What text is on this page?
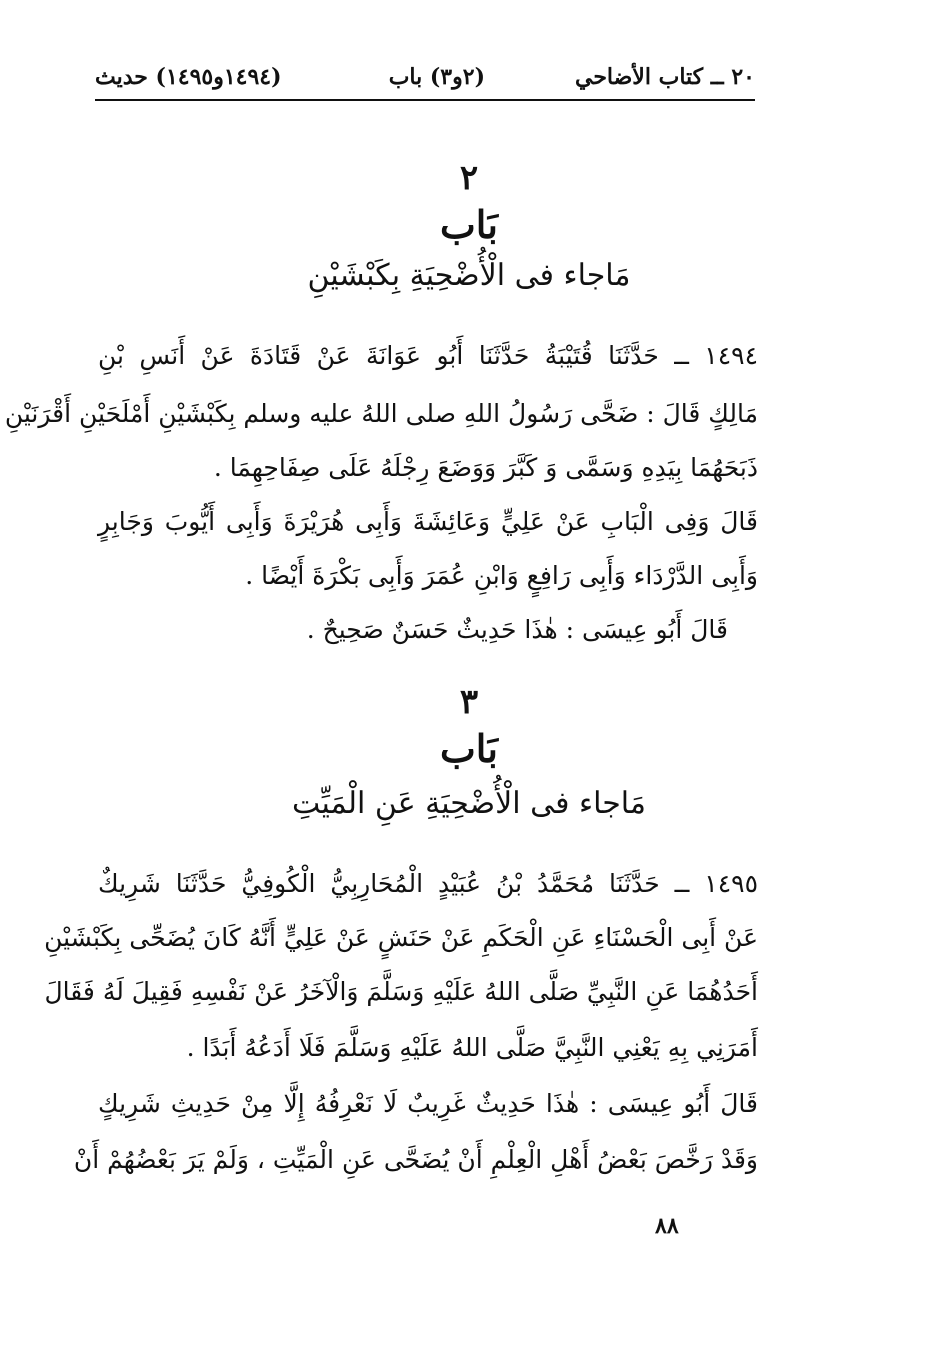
٢٠ ــ كتاب الأضاحي
(٢و٣) باب
(١٤٩٤و١٤٩٥) حديث
٢
بَاب
مَاجاء فى الْأُضْحِيَةِ بِكَبْشَيْنِ
١٤٩٤ ــ حَدَّثَنَا قُتَيْبَةُ حَدَّثَنَا أَبُو عَوَانَةَ عَنْ قَتَادَةَ عَنْ أَنَسِ بْنِ
مَالِكٍ قَالَ : ضَحَّى رَسُولُ اللهِ صلى اللهُ عليه وسلم بِكَبْشَيْنِ أَمْلَحَيْنِ أَقْرَنَيْنِ
ذَبَحَهُمَا بِيَدِهِ وَسَمَّى وَ كَبَّرَ وَوَضَعَ رِجْلَهُ عَلَى صِفَاحِهِمَا .
قَالَ وَفِى الْبَابِ عَنْ عَلِيٍّ وَعَائِشَةَ وَأَبِى هُرَيْرَةَ وَأَبِى أَيُّوبَ وَجَابِرٍ
وَأَبِى الدَّرْدَاء وَأَبِى رَافِعٍ وَابْنِ عُمَرَ وَأَبِى بَكْرَةَ أَيْضًا .
قَالَ أَبُو عِيسَى : هٰذَا حَدِيثٌ حَسَنٌ صَحِيحٌ .
٣
بَاب
مَاجاء فى الْأُضْحِيَةِ عَنِ الْمَيِّتِ
١٤٩٥ ــ حَدَّثَنَا مُحَمَّدُ بْنُ عُبَيْدٍ الْمُحَارِبِيُّ الْكُوفِيُّ حَدَّثَنَا شَرِيكٌ
عَنْ أَبِى الْحَسْنَاءِ عَنِ الْحَكَمِ عَنْ حَنَشٍ عَنْ عَلِيٍّ أَنَّهُ كَانَ يُضَحِّى بِكَبْشَيْنِ
أَحَدُهُمَا عَنِ النَّبِيِّ صَلَّى اللهُ عَلَيْهِ وَسَلَّمَ وَالْآخَرُ عَنْ نَفْسِهِ فَقِيلَ لَهُ فَقَالَ
أَمَرَنِي بِهِ يَعْنِي النَّبِيَّ صَلَّى اللهُ عَلَيْهِ وَسَلَّمَ فَلَا أَدَعُهُ أَبَدًا .
قَالَ أَبُو عِيسَى : هٰذَا حَدِيثٌ غَرِيبٌ لَا نَعْرِفُهُ إِلَّا مِنْ حَدِيثِ شَرِيكٍ
وَقَدْ رَخَّصَ بَعْضُ أَهْلِ الْعِلْمِ أَنْ يُضَحَّى عَنِ الْمَيِّتِ ، وَلَمْ يَرَ بَعْضُهُمْ أَنْ
٨٨
